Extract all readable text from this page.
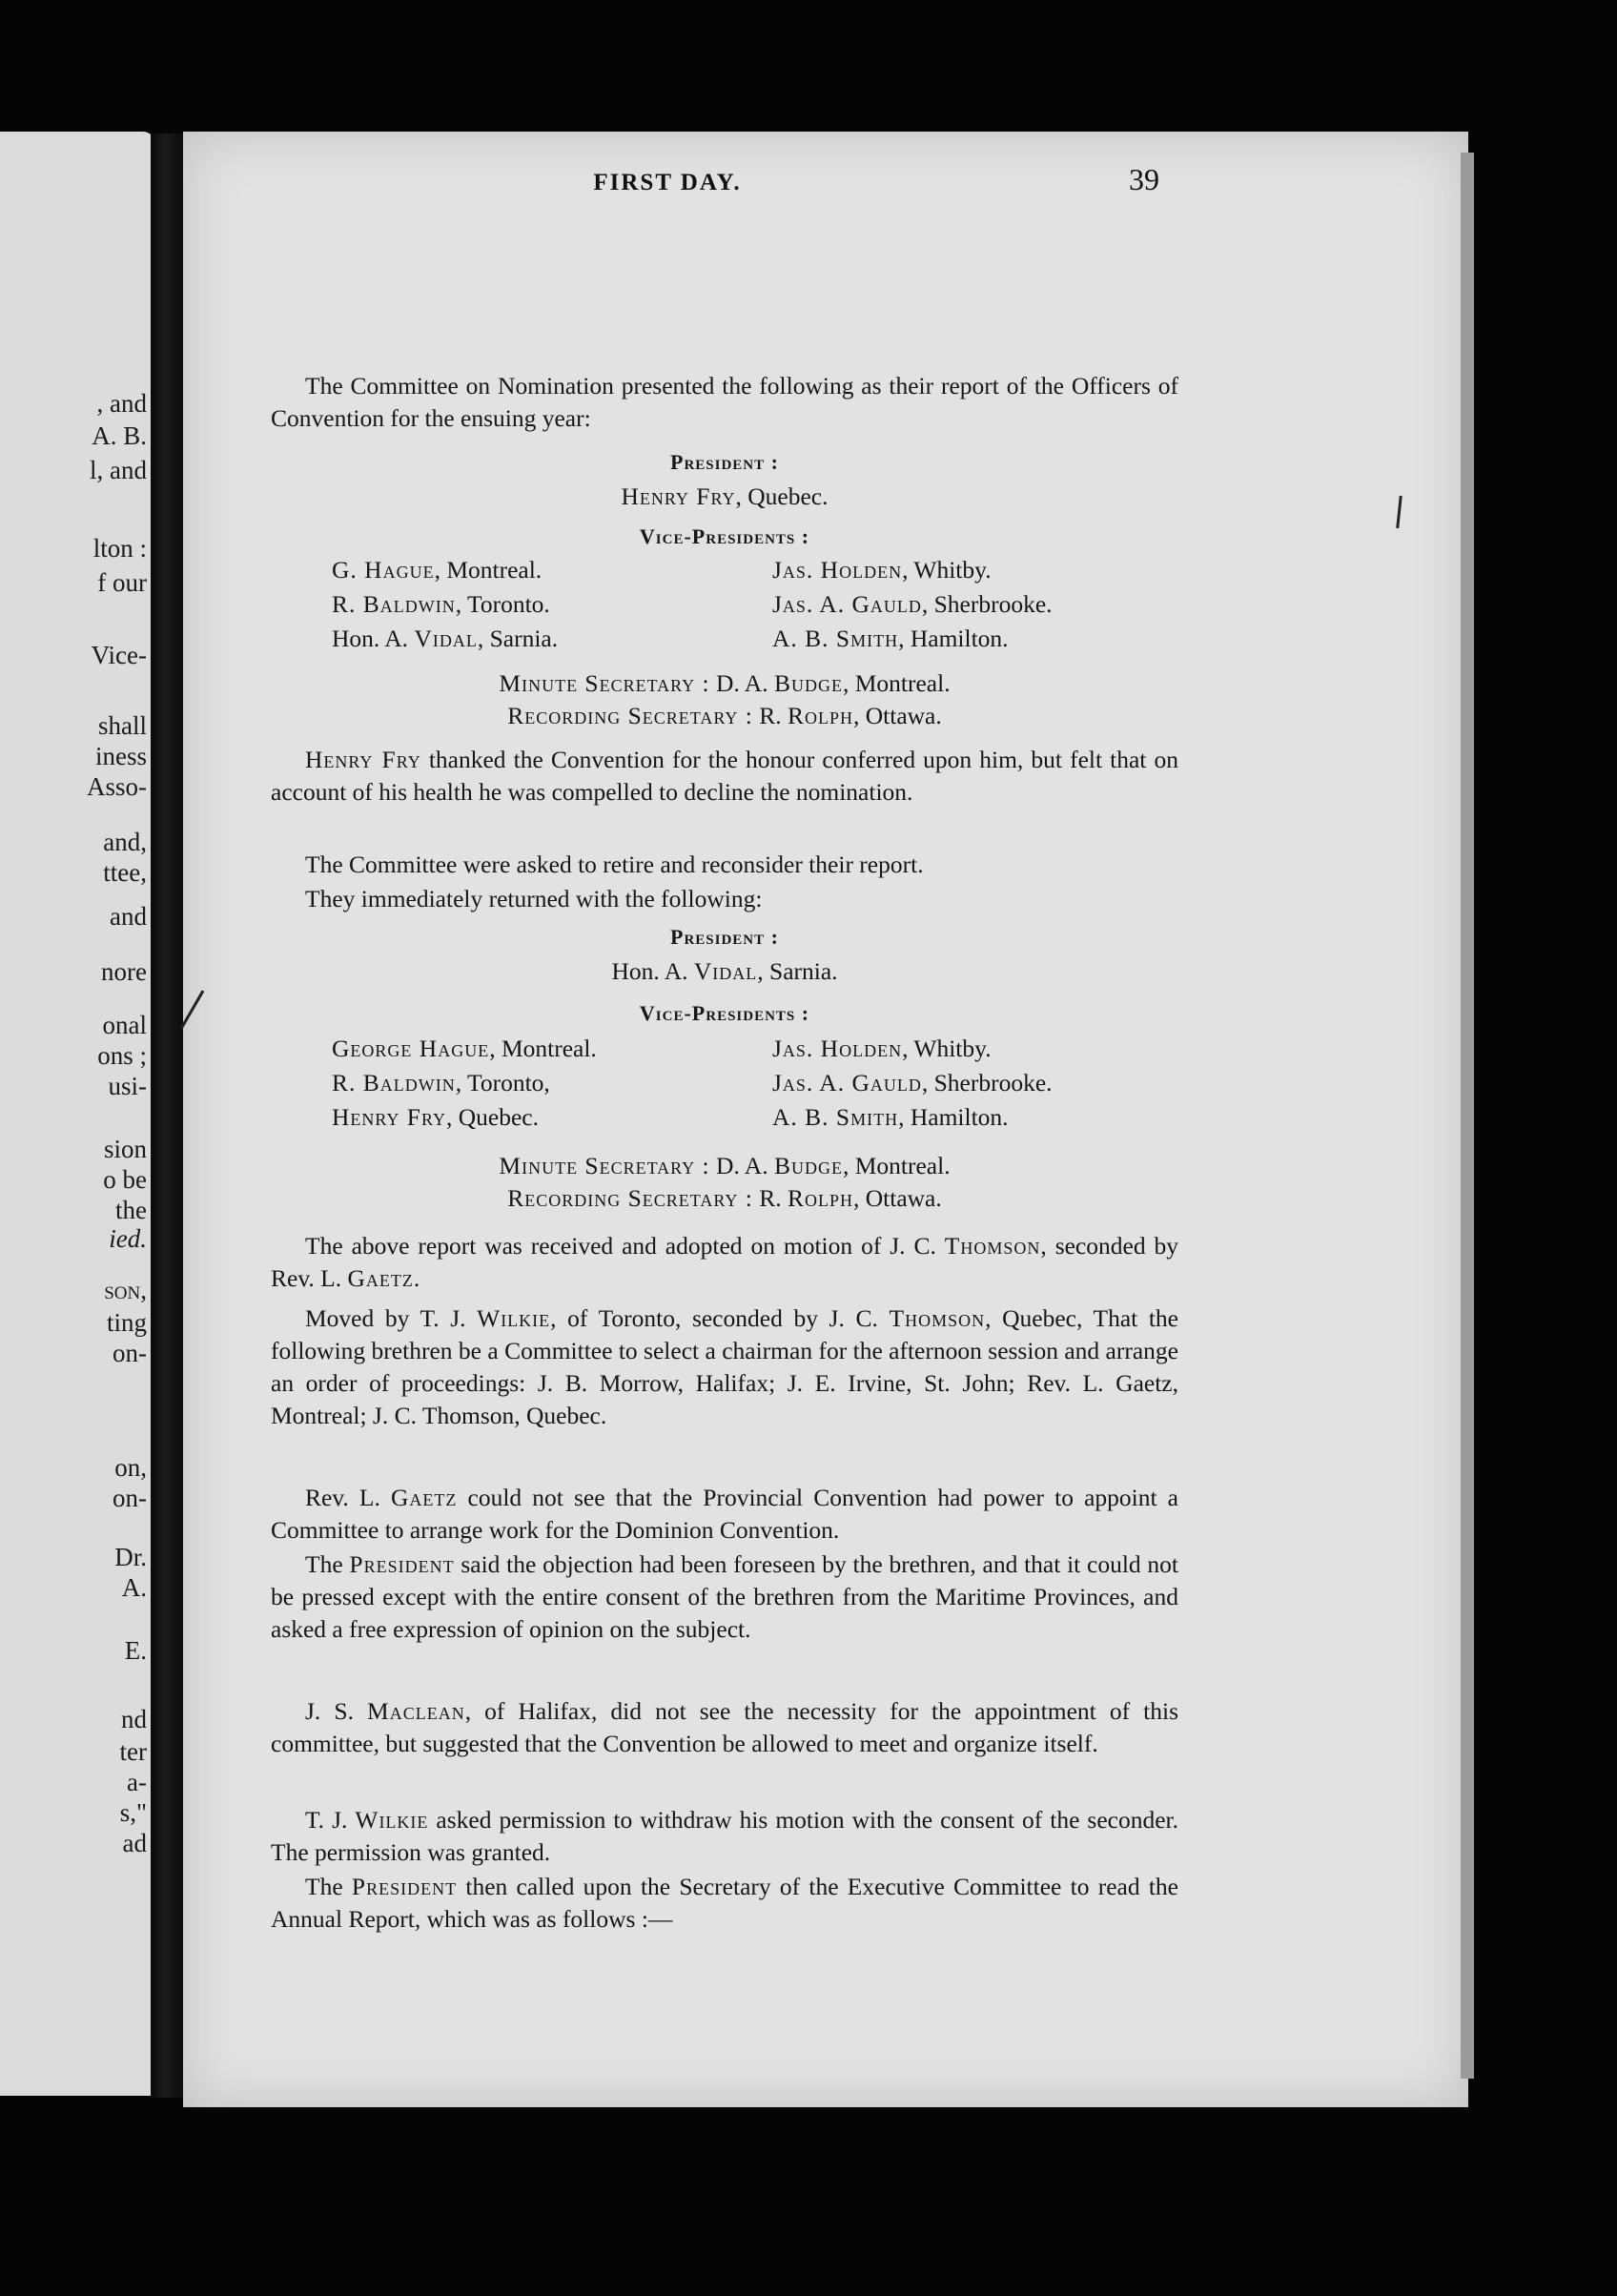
, and
A. B.
l, and
lton :
f our
Vice-
shall
iness
Asso-
and,
ttee,
and
nore
onal
ons ;
usi-
sion
o be
the
ied.
son,
ting
on-
on,
on-
Dr.
A.
E.
nd
ter
a-
s,"
ad
FIRST DAY.	39

The Committee on Nomination presented the following as their report of the Officers of Convention for the ensuing year:

President :
Henry Fry, Quebec.
Vice-Presidents :
G. Hague, Montreal.	Jas. Holden, Whitby.
R. Baldwin, Toronto.	Jas. A. Gauld, Sherbrooke.
Hon. A. Vidal, Sarnia.	A. B. Smith, Hamilton.
Minute Secretary : D. A. Budge, Montreal.
Recording Secretary : R. Rolph, Ottawa.

Henry Fry thanked the Convention for the honour conferred upon him, but felt that on account of his health he was compelled to decline the nomination.

The Committee were asked to retire and reconsider their report.

They immediately returned with the following:

President :
Hon. A. Vidal, Sarnia.
Vice-Presidents :
George Hague, Montreal.	Jas. Holden, Whitby.
R. Baldwin, Toronto,	Jas. A. Gauld, Sherbrooke.
Henry Fry, Quebec.	A. B. Smith, Hamilton.
Minute Secretary : D. A. Budge, Montreal.
Recording Secretary : R. Rolph, Ottawa.

The above report was received and adopted on motion of J. C. Thomson, seconded by Rev. L. Gaetz.

Moved by T. J. Wilkie, of Toronto, seconded by J. C. Thomson, Quebec, That the following brethren be a Committee to select a chairman for the afternoon session and arrange an order of proceedings: J. B. Morrow, Halifax; J. E. Irvine, St. John; Rev. L. Gaetz, Montreal; J. C. Thomson, Quebec.

Rev. L. Gaetz could not see that the Provincial Convention had power to appoint a Committee to arrange work for the Dominion Convention.

The President said the objection had been foreseen by the brethren, and that it could not be pressed except with the entire consent of the brethren from the Maritime Provinces, and asked a free expression of opinion on the subject.

J. S. Maclean, of Halifax, did not see the necessity for the appointment of this committee, but suggested that the Convention be allowed to meet and organize itself.

T. J. Wilkie asked permission to withdraw his motion with the consent of the seconder. The permission was granted.

The President then called upon the Secretary of the Executive Committee to read the Annual Report, which was as follows :—
